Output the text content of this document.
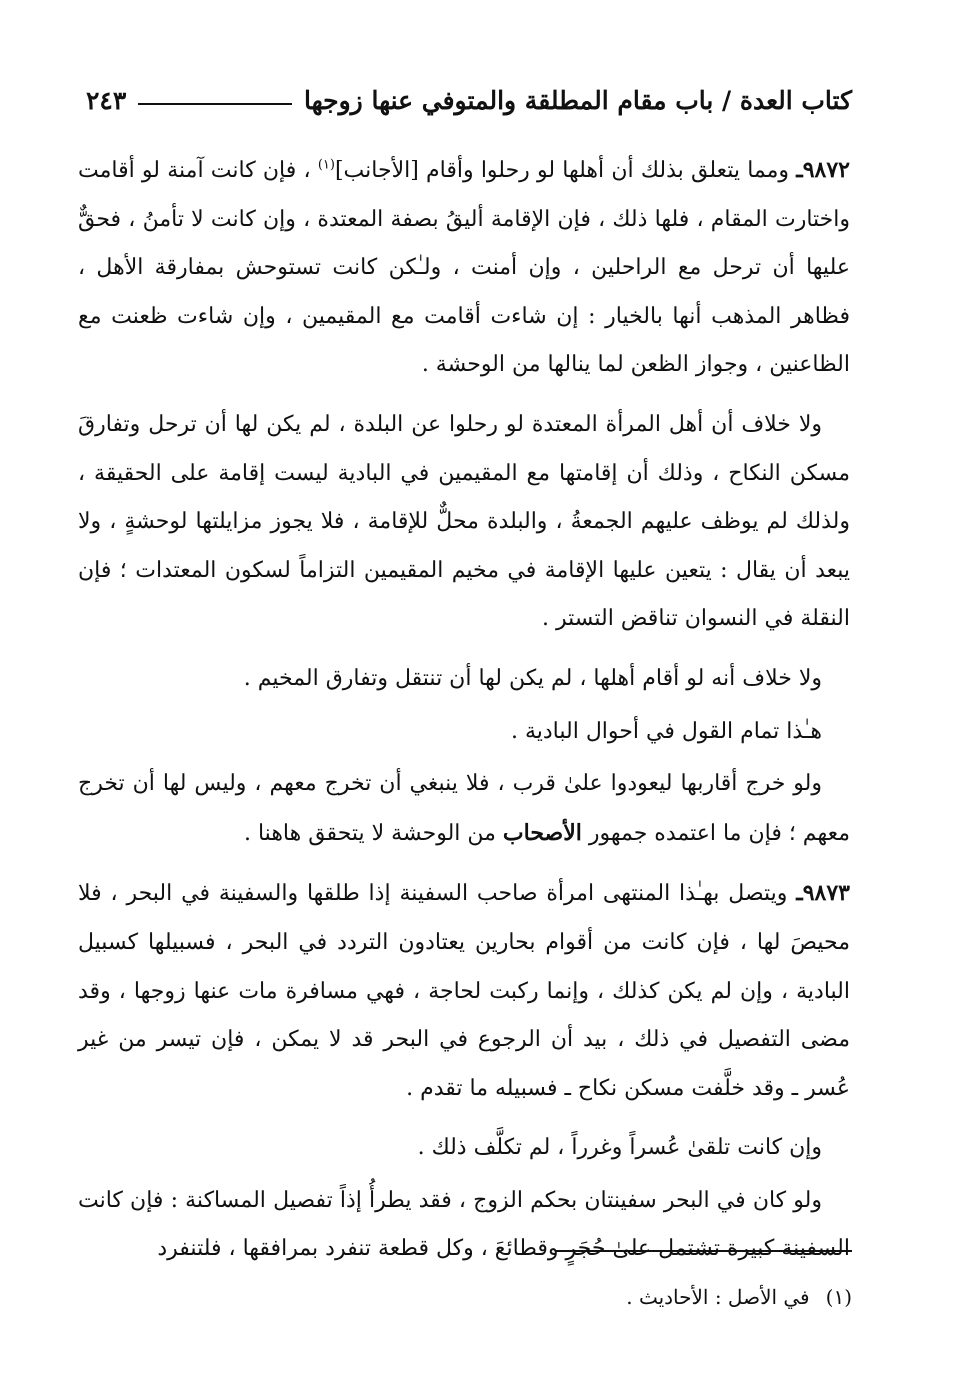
كتاب العدة / باب مقام المطلقة والمتوفي عنها زوجها
٢٤٣

٩٨٧٢ـ ومما يتعلق بذلك أن أهلها لو رحلوا وأقام [الأجانب]$^{(١)}$ ، فإن كانت آمنة لو أقامت واختارت المقام ، فلها ذلك ، فإن الإقامة أليقُ بصفة المعتدة ، وإن كانت لا تأمنُ ، فحقٌّ عليها أن ترحل مع الراحلين ، وإن أمنت ، ولـٰكن كانت تستوحش بمفارقة الأهل ، فظاهر المذهب أنها بالخيار : إن شاءت أقامت مع المقيمين ، وإن شاءت ظعنت مع الظاعنين ، وجواز الظعن لما ينالها من الوحشة .

ولا خلاف أن أهل المرأة المعتدة لو رحلوا عن البلدة ، لم يكن لها أن ترحل وتفارقَ مسكن النكاح ، وذلك أن إقامتها مع المقيمين في البادية ليست إقامة على الحقيقة ، ولذلك لم يوظف عليهم الجمعةُ ، والبلدة محلٌّ للإقامة ، فلا يجوز مزايلتها لوحشةٍ ، ولا يبعد أن يقال : يتعين عليها الإقامة في مخيم المقيمين التزاماً لسكون المعتدات ؛ فإن النقلة في النسوان تناقض التستر .

ولا خلاف أنه لو أقام أهلها ، لم يكن لها أن تنتقل وتفارق المخيم .

هـٰذا تمام القول في أحوال البادية .

ولو خرج أقاربها ليعودوا علىٰ قرب ، فلا ينبغي أن تخرج معهم ، وليس لها أن تخرج معهم ؛ فإن ما اعتمده جمهور الأصحاب من الوحشة لا يتحقق هاهنا .

٩٨٧٣ـ ويتصل بهـٰذا المنتهى امرأة صاحب السفينة إذا طلقها والسفينة في البحر ، فلا محيصَ لها ، فإن كانت من أقوام بحارين يعتادون التردد في البحر ، فسبيلها كسبيل البادية ، وإن لم يكن كذلك ، وإنما ركبت لحاجة ، فهي مسافرة مات عنها زوجها ، وقد مضى التفصيل في ذلك ، بيد أن الرجوع في البحر قد لا يمكن ، فإن تيسر من غير عُسر ـ وقد خلَّفت مسكن نكاح ـ فسبيله ما تقدم .

وإن كانت تلقىٰ عُسراً وغرراً ، لم تكلَّف ذلك .

ولو كان في البحر سفينتان بحكم الزوج ، فقد يطرأُ إذاً تفصيل المساكنة : فإن كانت السفينة كبيرة تشتمل علىٰ حُجَرٍ وقطائعَ ، وكل قطعة تنفرد بمرافقها ، فلتنفرد

(١)في الأصل : الأحاديث .
